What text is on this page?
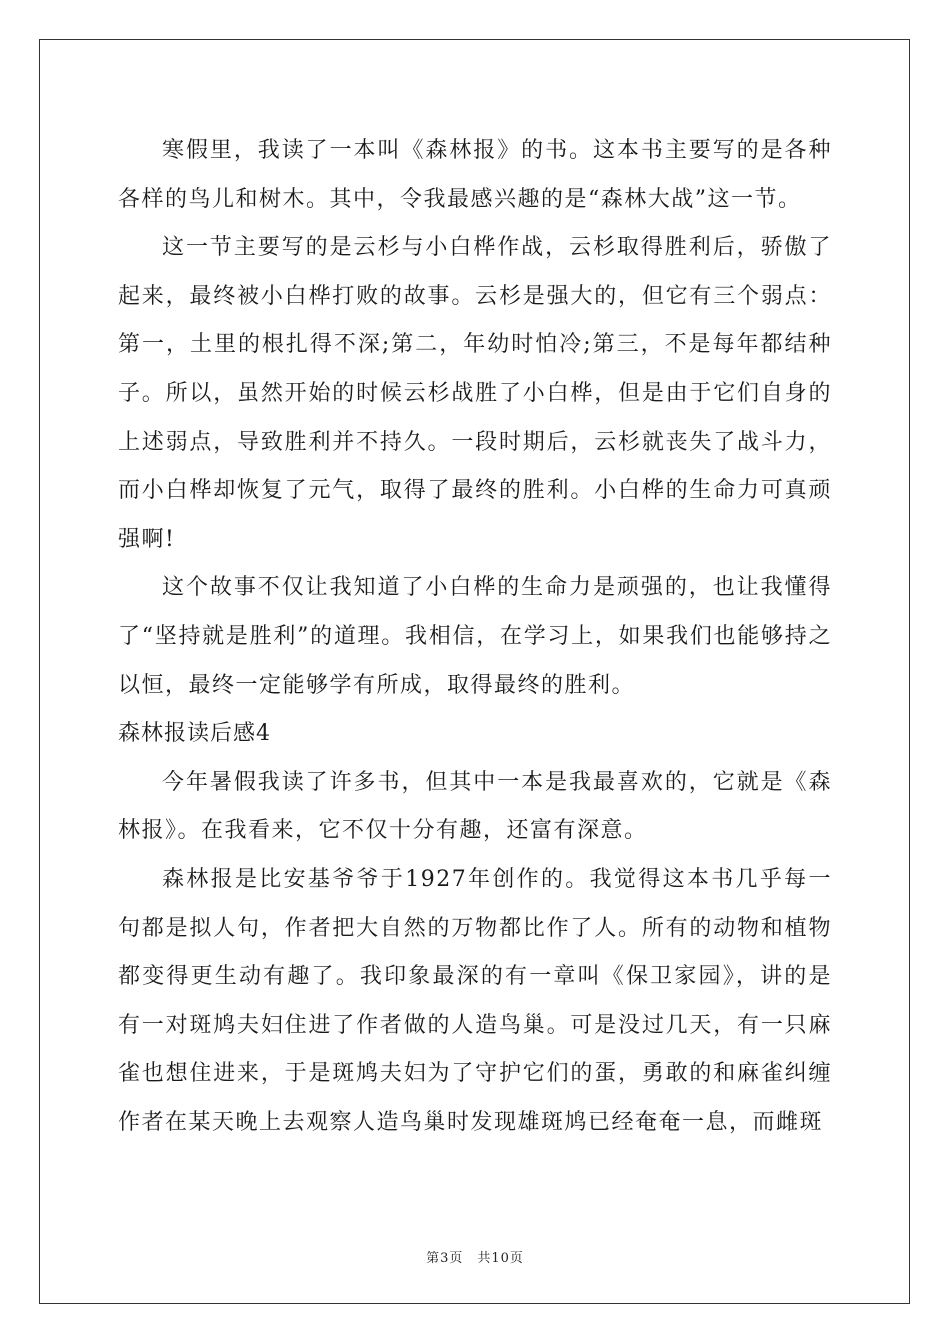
寒假里，我读了一本叫《森林报》的书。这本书主要写的是各种各样的鸟儿和树木。其中，令我最感兴趣的是“森林大战”这一节。

这一节主要写的是云杉与小白桦作战，云杉取得胜利后，骄傲了起来，最终被小白桦打败的故事。云杉是强大的，但它有三个弱点：第一，土里的根扎得不深;第二，年幼时怕冷;第三，不是每年都结种子。所以，虽然开始的时候云杉战胜了小白桦，但是由于它们自身的上述弱点，导致胜利并不持久。一段时期后，云杉就丧失了战斗力，而小白桦却恢复了元气，取得了最终的胜利。小白桦的生命力可真顽强啊!

这个故事不仅让我知道了小白桦的生命力是顽强的，也让我懂得了“坚持就是胜利”的道理。我相信，在学习上，如果我们也能够持之以恒，最终一定能够学有所成，取得最终的胜利。

森林报读后感4

今年暑假我读了许多书，但其中一本是我最喜欢的，它就是《森林报》。在我看来，它不仅十分有趣，还富有深意。

森林报是比安基爷爷于1927年创作的。我觉得这本书几乎每一句都是拟人句，作者把大自然的万物都比作了人。所有的动物和植物都变得更生动有趣了。我印象最深的有一章叫《保卫家园》，讲的是有一对斑鸠夫妇住进了作者做的人造鸟巢。可是没过几天，有一只麻雀也想住进来，于是斑鸠夫妇为了守护它们的蛋，勇敢的和麻雀纠缠作者在某天晚上去观察人造鸟巢时发现雄斑鸠已经奄奄一息，而雌斑

第3页　共10页
